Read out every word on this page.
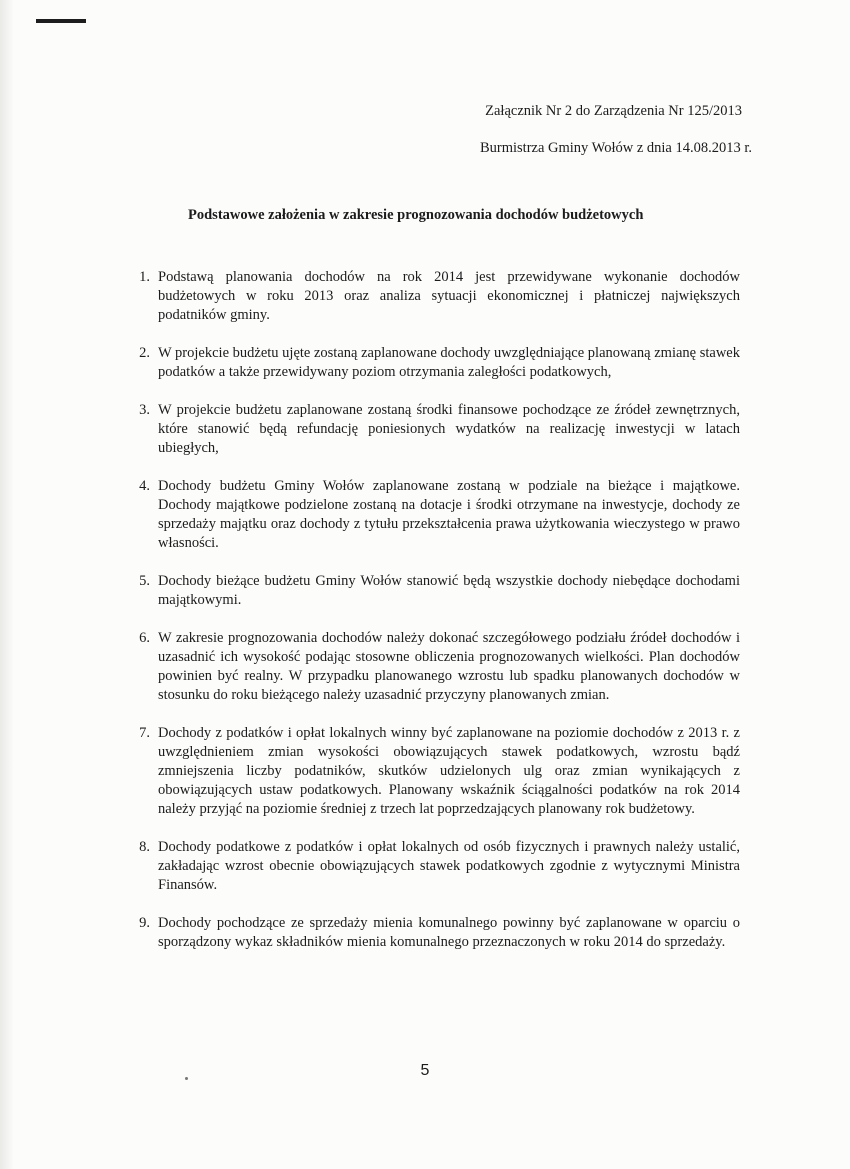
Załącznik Nr 2 do Zarządzenia Nr 125/2013
Burmistrza Gminy Wołów z dnia 14.08.2013 r.
Podstawowe założenia w zakresie prognozowania dochodów budżetowych
1. Podstawą planowania dochodów na rok 2014 jest przewidywane wykonanie dochodów budżetowych w roku 2013 oraz analiza sytuacji ekonomicznej i płatniczej największych podatników gminy.
2. W projekcie budżetu ujęte zostaną zaplanowane dochody uwzględniające planowaną zmianę stawek podatków a także przewidywany poziom otrzymania zaległości podatkowych,
3. W projekcie budżetu zaplanowane zostaną środki finansowe pochodzące ze źródeł zewnętrznych, które stanowić będą refundację poniesionych wydatków na realizację inwestycji w latach ubiegłych,
4. Dochody budżetu Gminy Wołów zaplanowane zostaną w podziale na bieżące i majątkowe. Dochody majątkowe podzielone zostaną na dotacje i środki otrzymane na inwestycje, dochody ze sprzedaży majątku oraz dochody z tytułu przekształcenia prawa użytkowania wieczystego w prawo własności.
5. Dochody bieżące budżetu Gminy Wołów stanowić będą wszystkie dochody niebędące dochodami majątkowymi.
6. W zakresie prognozowania dochodów należy dokonać szczegółowego podziału źródeł dochodów i uzasadnić ich wysokość podając stosowne obliczenia prognozowanych wielkości. Plan dochodów powinien być realny. W przypadku planowanego wzrostu lub spadku planowanych dochodów w stosunku do roku bieżącego należy uzasadnić przyczyny planowanych zmian.
7. Dochody z podatków i opłat lokalnych winny być zaplanowane na poziomie dochodów z 2013 r. z uwzględnieniem zmian wysokości obowiązujących stawek podatkowych, wzrostu bądź zmniejszenia liczby podatników, skutków udzielonych ulg oraz zmian wynikających z obowiązujących ustaw podatkowych. Planowany wskaźnik ściągalności podatków na rok 2014 należy przyjąć na poziomie średniej z trzech lat poprzedzających planowany rok budżetowy.
8. Dochody podatkowe z podatków i opłat lokalnych od osób fizycznych i prawnych należy ustalić, zakładając wzrost obecnie obowiązujących stawek podatkowych zgodnie z wytycznymi Ministra Finansów.
9. Dochody pochodzące ze sprzedaży mienia komunalnego powinny być zaplanowane w oparciu o sporządzony wykaz składników mienia komunalnego przeznaczonych w roku 2014 do sprzedaży.
5
